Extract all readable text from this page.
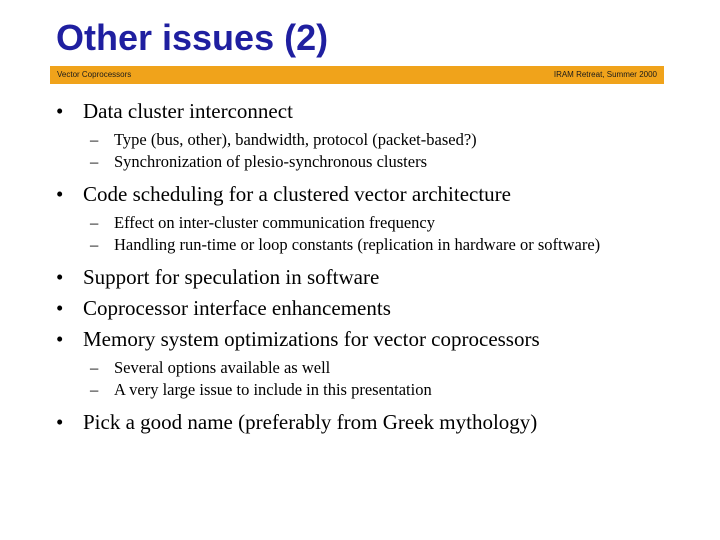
Other issues (2)
Vector Coprocessors	IRAM Retreat, Summer 2000
• Data cluster interconnect
– Type (bus, other), bandwidth, protocol (packet-based?)
– Synchronization of plesio-synchronous clusters
• Code scheduling for a clustered vector architecture
– Effect on inter-cluster communication frequency
– Handling run-time or loop constants (replication in hardware or software)
• Support for speculation in software
• Coprocessor interface enhancements
• Memory system optimizations for vector coprocessors
– Several options available as well
– A very large issue to include in this presentation
• Pick a good name (preferably from Greek mythology)
